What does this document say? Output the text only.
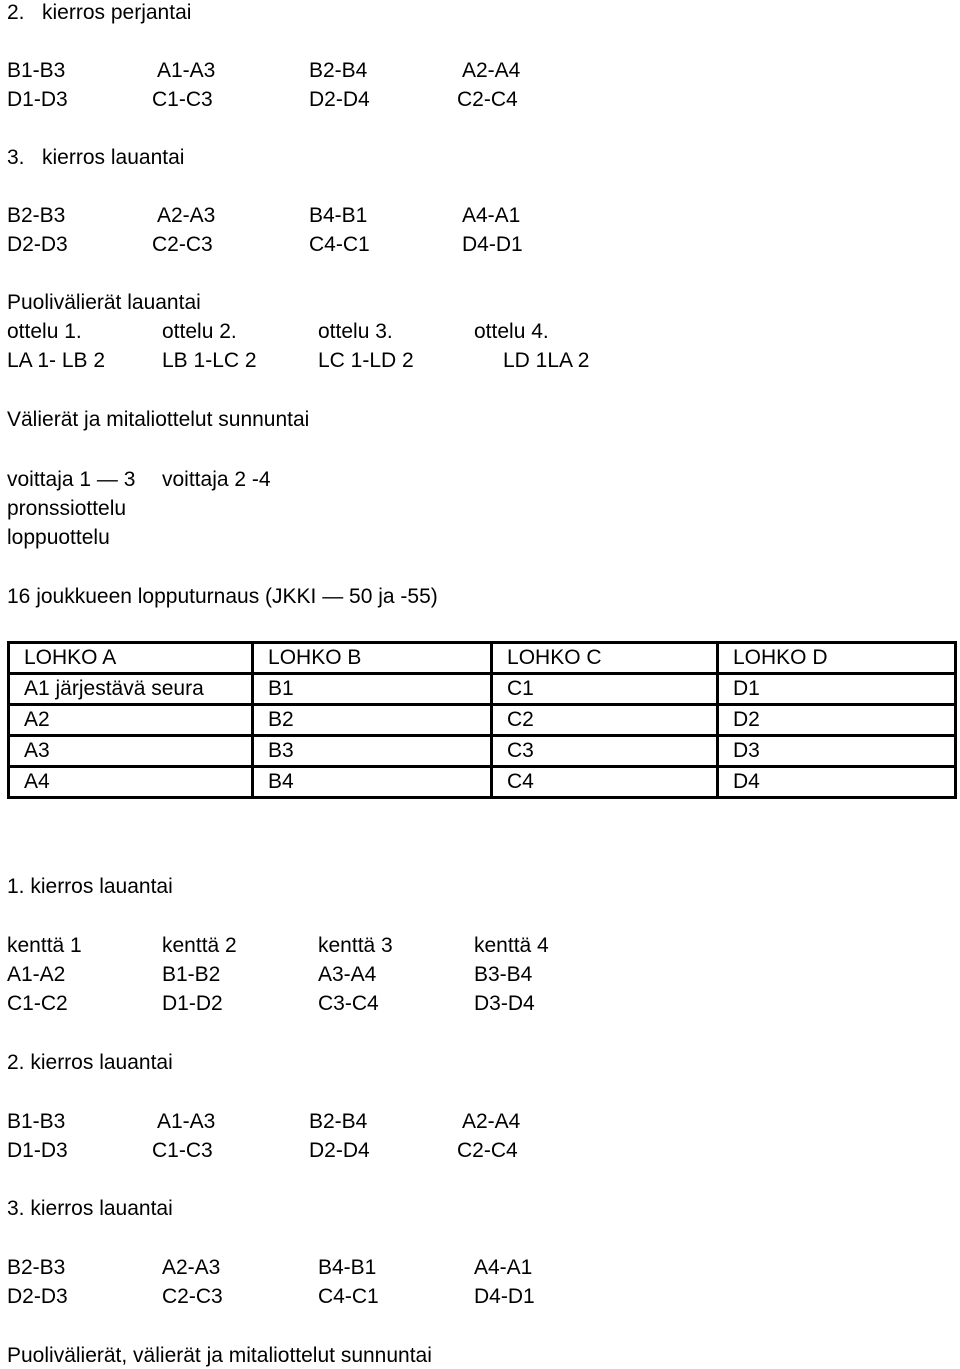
2.   kierros perjantai
B1-B3	A1-A3	B2-B4	A2-A4
D1-D3	C1-C3	D2-D4	C2-C4
3.   kierros lauantai
B2-B3	A2-A3	B4-B1	A4-A1
D2-D3	C2-C3	C4-C1	D4-D1
Puolivälierät lauantai
ottelu 1.	ottelu 2.	ottelu 3.	ottelu 4.
LA 1- LB 2	LB 1-LC 2	LC 1-LD 2	LD 1LA 2
Välierät ja mitaliottelut sunnuntai
voittaja 1 — 3 voittaja 2 -4
pronssiottelu
loppuottelu
16 joukkueen lopputurnaus (JKKI — 50 ja -55)
LOHKO A	LOHKO B	LOHKO C	LOHKO D
A1 järjestävä seura	B1	C1	D1
A2	B2	C2	D2
A3	B3	C3	D3
A4	B4	C4	D4
1. kierros lauantai
kenttä 1	kenttä 2	kenttä 3	kenttä 4
A1-A2	B1-B2	A3-A4	B3-B4
C1-C2	D1-D2	C3-C4	D3-D4
2. kierros lauantai
B1-B3	A1-A3	B2-B4	A2-A4
D1-D3	C1-C3	D2-D4	C2-C4
3. kierros lauantai
B2-B3	A2-A3	B4-B1	A4-A1
D2-D3	C2-C3	C4-C1	D4-D1
Puolivälierät, välierät ja mitaliottelut sunnuntai
